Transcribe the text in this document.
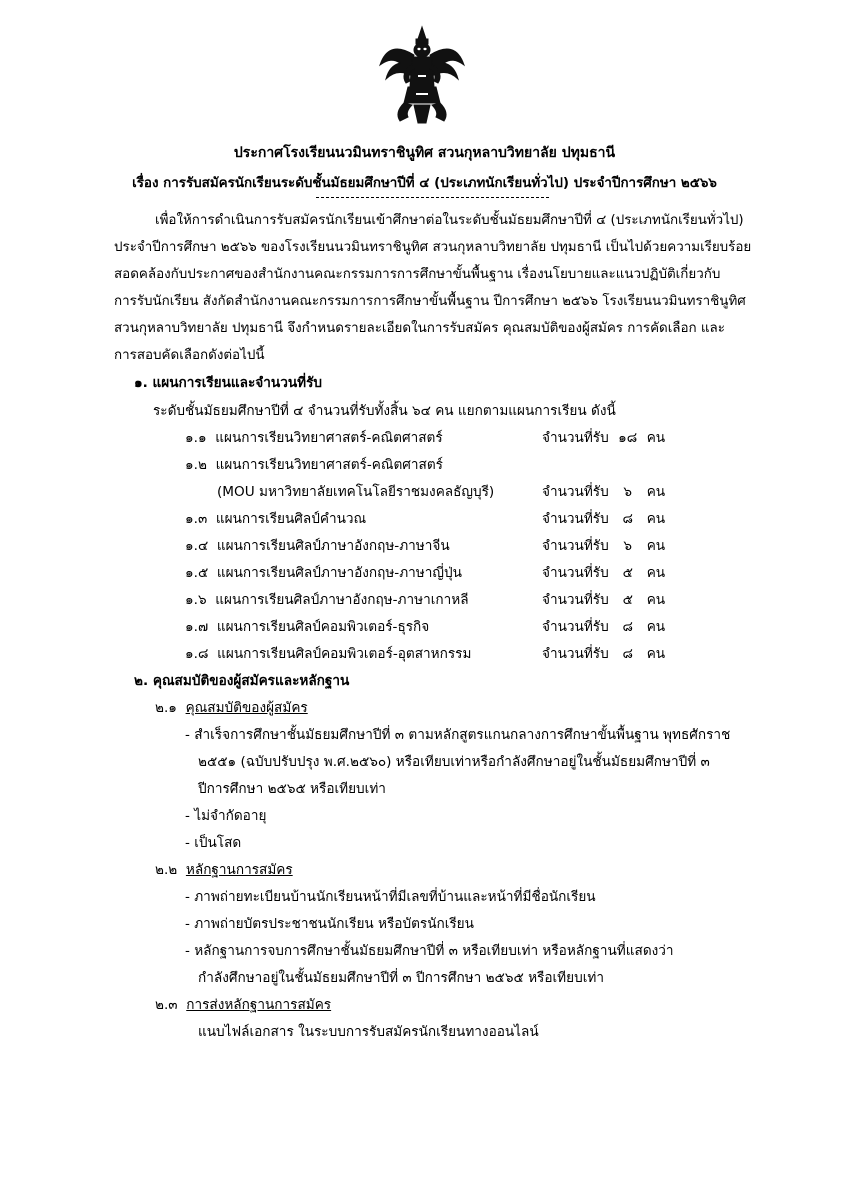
ประกาศโรงเรียนนวมินทราชินูทิศ สวนกุหลาบวิทยาลัย ปทุมธานี
เรื่อง การรับสมัครนักเรียนระดับชั้นมัธยมศึกษาปีที่ ๔ (ประเภทนักเรียนทั่วไป) ประจำปีการศึกษา ๒๕๖๖
เพื่อให้การดำเนินการรับสมัครนักเรียนเข้าศึกษาต่อในระดับชั้นมัธยมศึกษาปีที่ ๔ (ประเภทนักเรียนทั่วไป)
ประจำปีการศึกษา ๒๕๖๖ ของโรงเรียนนวมินทราชินูทิศ สวนกุหลาบวิทยาลัย ปทุมธานี เป็นไปด้วยความเรียบร้อย
สอดคล้องกับประกาศของสำนักงานคณะกรรมการการศึกษาขั้นพื้นฐาน เรื่องนโยบายและแนวปฏิบัติเกี่ยวกับ
การรับนักเรียน สังกัดสำนักงานคณะกรรมการการศึกษาขั้นพื้นฐาน ปีการศึกษา ๒๕๖๖ โรงเรียนนวมินทราชินูทิศ
สวนกุหลาบวิทยาลัย ปทุมธานี จึงกำหนดรายละเอียดในการรับสมัคร คุณสมบัติของผู้สมัคร การคัดเลือก และ
การสอบคัดเลือกดังต่อไปนี้
๑. แผนการเรียนและจำนวนที่รับ
ระดับชั้นมัธยมศึกษาปีที่ ๔ จำนวนที่รับทั้งสิ้น ๖๔ คน แยกตามแผนการเรียน ดังนี้
๑.๑ แผนการเรียนวิทยาศาสตร์-คณิตศาสตร์	จำนวนที่รับ ๑๘ คน
๑.๒ แผนการเรียนวิทยาศาสตร์-คณิตศาสตร์
(MOU มหาวิทยาลัยเทคโนโลยีราชมงคลธัญบุรี)	จำนวนที่รับ ๖ คน
๑.๓ แผนการเรียนศิลป์คำนวณ	จำนวนที่รับ ๘ คน
๑.๔ แผนการเรียนศิลป์ภาษาอังกฤษ-ภาษาจีน	จำนวนที่รับ ๖ คน
๑.๕ แผนการเรียนศิลป์ภาษาอังกฤษ-ภาษาญี่ปุ่น	จำนวนที่รับ ๕ คน
๑.๖ แผนการเรียนศิลป์ภาษาอังกฤษ-ภาษาเกาหลี	จำนวนที่รับ ๕ คน
๑.๗ แผนการเรียนศิลป์คอมพิวเตอร์-ธุรกิจ	จำนวนที่รับ ๘ คน
๑.๘ แผนการเรียนศิลป์คอมพิวเตอร์-อุตสาหกรรม	จำนวนที่รับ ๘ คน
๒. คุณสมบัติของผู้สมัครและหลักฐาน
๒.๑ คุณสมบัติของผู้สมัคร
- สำเร็จการศึกษาชั้นมัธยมศึกษาปีที่ ๓ ตามหลักสูตรแกนกลางการศึกษาขั้นพื้นฐาน พุทธศักราช
๒๕๕๑ (ฉบับปรับปรุง พ.ศ.๒๕๖๐) หรือเทียบเท่าหรือกำลังศึกษาอยู่ในชั้นมัธยมศึกษาปีที่ ๓
ปีการศึกษา ๒๕๖๕ หรือเทียบเท่า
- ไม่จำกัดอายุ
- เป็นโสด
๒.๒ หลักฐานการสมัคร
- ภาพถ่ายทะเบียนบ้านนักเรียนหน้าที่มีเลขที่บ้านและหน้าที่มีชื่อนักเรียน
- ภาพถ่ายบัตรประชาชนนักเรียน หรือบัตรนักเรียน
- หลักฐานการจบการศึกษาชั้นมัธยมศึกษาปีที่ ๓ หรือเทียบเท่า หรือหลักฐานที่แสดงว่า
กำลังศึกษาอยู่ในชั้นมัธยมศึกษาปีที่ ๓ ปีการศึกษา ๒๕๖๕ หรือเทียบเท่า
๒.๓ การส่งหลักฐานการสมัคร
แนบไฟล์เอกสาร ในระบบการรับสมัครนักเรียนทางออนไลน์
